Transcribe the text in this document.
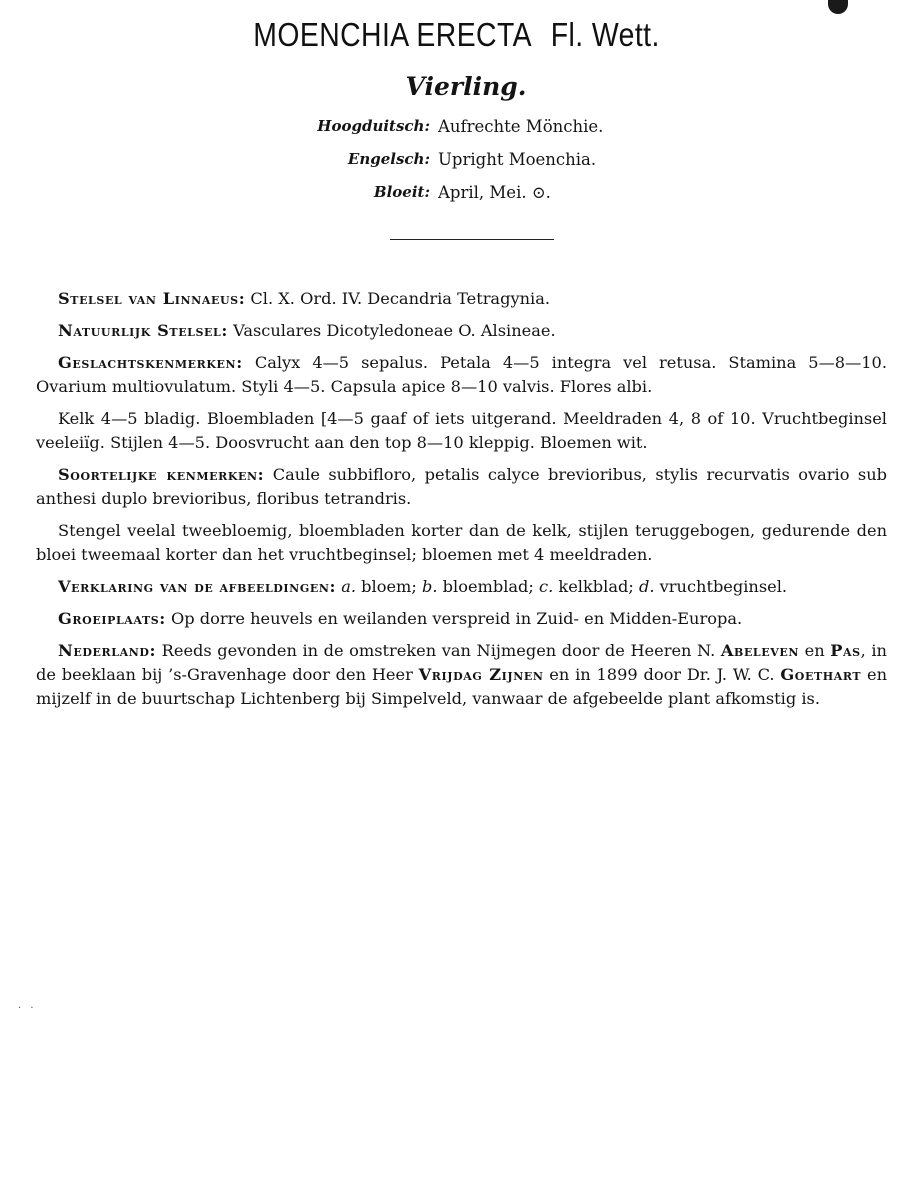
MOENCHIA ERECTA Fl. Wett.
Vierling.
Hoogduitsch: Aufrechte Mönchie.
Engelsch: Upright Moenchia.
Bloeit: April, Mei. ⊙.

Stelsel van Linnaeus: Cl. X. Ord. IV. Decandria Tetragynia.

Natuurlijk Stelsel: Vasculares Dicotyledoneae O. Alsineae.

Geslachtskenmerken: Calyx 4—5 sepalus. Petala 4—5 integra vel retusa. Stamina 5—8—10. Ovarium multiovulatum. Styli 4—5. Capsula apice 8—10 valvis. Flores albi.

Kelk 4—5 bladig. Bloembladen [4—5 gaaf of iets uitgerand. Meeldraden 4, 8 of 10. Vruchtbeginsel veeleiïg. Stijlen 4—5. Doosvrucht aan den top 8—10 kleppig. Bloemen wit.

Soortelijke kenmerken: Caule subbifloro, petalis calyce brevioribus, stylis recurvatis ovario sub anthesi duplo brevioribus, floribus tetrandris.

Stengel veelal tweebloemig, bloembladen korter dan de kelk, stijlen teruggebogen, gedurende den bloei tweemaal korter dan het vruchtbeginsel; bloemen met 4 meeldraden.

Verklaring van de afbeeldingen: a. bloem; b. bloemblad; c. kelkblad; d. vruchtbeginsel.

Groeiplaats: Op dorre heuvels en weilanden verspreid in Zuid- en Midden-Europa.

Nederland: Reeds gevonden in de omstreken van Nijmegen door de Heeren N. Abeleven en Pas, in de beeklaan bij ’s-Gravenhage door den Heer Vrijdag Zijnen en in 1899 door Dr. J. W. C. Goethart en mijzelf in de buurtschap Lichtenberg bij Simpelveld, vanwaar de afgebeelde plant afkomstig is.

· ·
